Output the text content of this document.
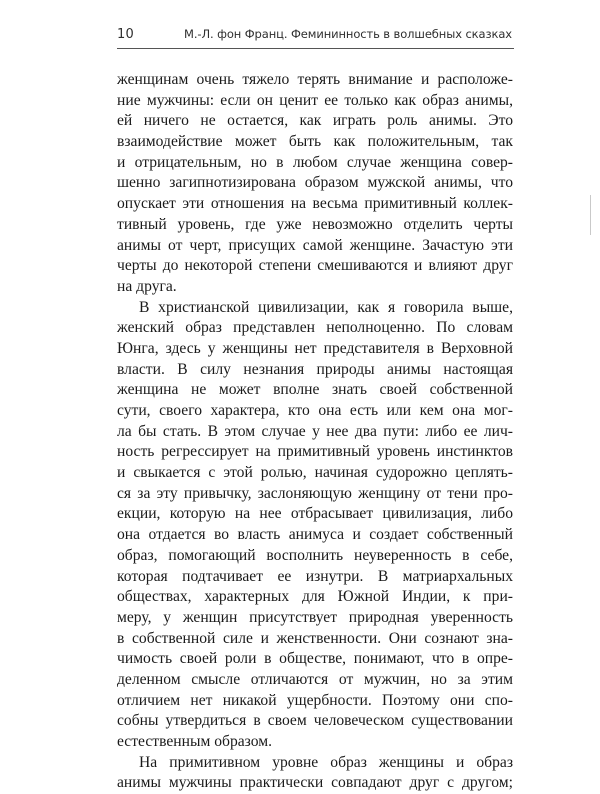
10	М.-Л. фон Франц. Фемининность в волшебных сказках
женщинам очень тяжело терять внимание и расположе-
ние мужчины: если он ценит ее только как образ анимы,
ей ничего не остается, как играть роль анимы. Это
взаимодействие может быть как положительным, так
и отрицательным, но в любом случае женщина совер-
шенно загипнотизирована образом мужской анимы, что
опускает эти отношения на весьма примитивный коллек-
тивный уровень, где уже невозможно отделить черты
анимы от черт, присущих самой женщине. Зачастую эти
черты до некоторой степени смешиваются и влияют друг
на друга.
В христианской цивилизации, как я говорила выше,
женский образ представлен неполноценно. По словам
Юнга, здесь у женщины нет представителя в Верховной
власти. В силу незнания природы анимы настоящая
женщина не может вполне знать своей собственной
сути, своего характера, кто она есть или кем она мог-
ла бы стать. В этом случае у нее два пути: либо ее лич-
ность регрессирует на примитивный уровень инстинктов
и свыкается с этой ролью, начиная судорожно цеплять-
ся за эту привычку, заслоняющую женщину от тени про-
екции, которую на нее отбрасывает цивилизация, либо
она отдается во власть анимуса и создает собственный
образ, помогающий восполнить неуверенность в себе,
которая подтачивает ее изнутри. В матриархальных
обществах, характерных для Южной Индии, к при-
меру, у женщин присутствует природная уверенность
в собственной силе и женственности. Они сознают зна-
чимость своей роли в обществе, понимают, что в опре-
деленном смысле отличаются от мужчин, но за этим
отличием нет никакой ущербности. Поэтому они спо-
собны утвердиться в своем человеческом существовании
естественным образом.
На примитивном уровне образ женщины и образ
анимы мужчины практически совпадают друг с другом;
